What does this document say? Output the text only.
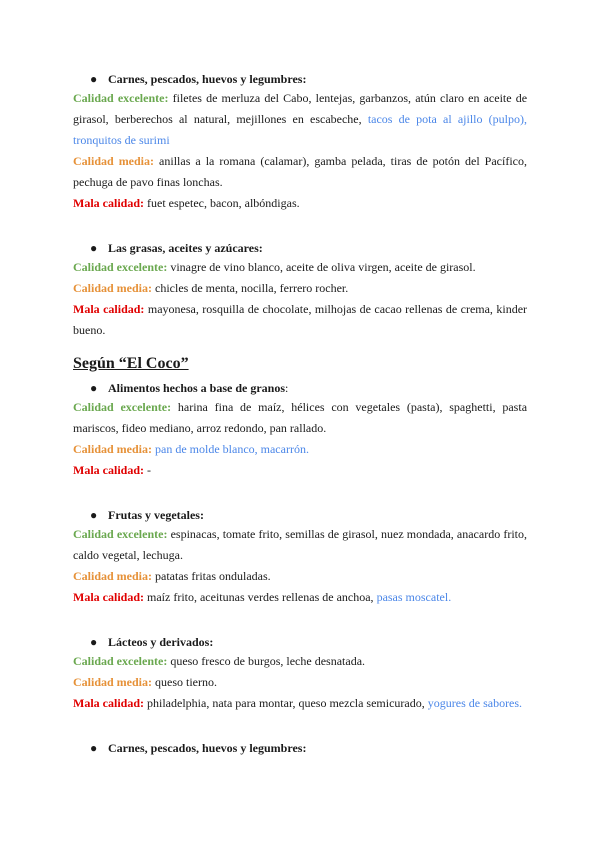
● Carnes, pescados, huevos y legumbres:
Calidad excelente: filetes de merluza del Cabo, lentejas, garbanzos, atún claro en aceite de girasol, berberechos al natural, mejillones en escabeche, tacos de pota al ajillo (pulpo), tronquitos de surimi
Calidad media: anillas a la romana (calamar), gamba pelada, tiras de potón del Pacífico, pechuga de pavo finas lonchas.
Mala calidad: fuet espetec, bacon, albóndigas.
● Las grasas, aceites y azúcares:
Calidad excelente: vinagre de vino blanco, aceite de oliva virgen, aceite de girasol.
Calidad media: chicles de menta, nocilla, ferrero rocher.
Mala calidad: mayonesa, rosquilla de chocolate, milhojas de cacao rellenas de crema, kinder bueno.
Según “El Coco”
● Alimentos hechos a base de granos:
Calidad excelente: harina fina de maíz, hélices con vegetales (pasta), spaghetti, pasta mariscos, fideo mediano, arroz redondo, pan rallado.
Calidad media: pan de molde blanco, macarrón.
Mala calidad: -
● Frutas y vegetales:
Calidad excelente: espinacas, tomate frito, semillas de girasol, nuez mondada, anacardo frito, caldo vegetal, lechuga.
Calidad media: patatas fritas onduladas.
Mala calidad: maíz frito, aceitunas verdes rellenas de anchoa, pasas moscatel.
● Lácteos y derivados:
Calidad excelente: queso fresco de burgos, leche desnatada.
Calidad media: queso tierno.
Mala calidad: philadelphia, nata para montar, queso mezcla semicurado, yogures de sabores.
● Carnes, pescados, huevos y legumbres:
